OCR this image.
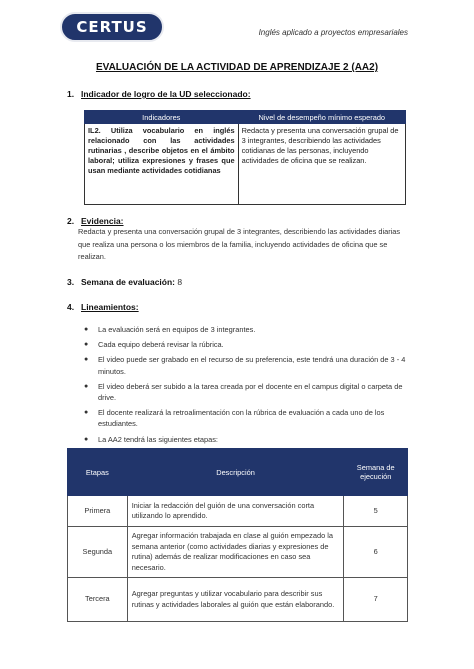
CERTUS	Inglés aplicado a proyectos empresariales
EVALUACIÓN DE LA ACTIVIDAD DE APRENDIZAJE 2 (AA2)
1. Indicador de logro de la UD seleccionado:
Indicadores	Nivel de desempeño mínimo esperado
IL2. Utiliza vocabulario en inglés relacionado con las actividades rutinarias , describe objetos en el ámbito laboral; utiliza expresiones y frases que usan mediante actividades cotidianas	Redacta y presenta una conversación grupal de 3 integrantes, describiendo las actividades cotidianas de las personas, incluyendo actividades de oficina que se realizan.
2. Evidencia:
Redacta y presenta una conversación grupal de 3 integrantes, describiendo las actividades diarias que realiza una persona o los miembros de la familia, incluyendo actividades de oficina que se realizan.
3. Semana de evaluación: 8
4. Lineamientos:
● La evaluación será en equipos de 3 integrantes.
● Cada equipo deberá revisar la rúbrica.
● El video puede ser grabado en el recurso de su preferencia, este tendrá una duración de 3 - 4 minutos.
● El video deberá ser subido a la tarea creada por el docente en el campus digital o carpeta de drive.
● El docente realizará la retroalimentación con la rúbrica de evaluación a cada uno de los estudiantes.
● La AA2 tendrá las siguientes etapas:
Etapas	Descripción	Semana de ejecución
Primera	Iniciar la redacción del guión de una conversación corta utilizando lo aprendido.	5
Segunda	Agregar información trabajada en clase al guión empezado la semana anterior (como actividades diarias y expresiones de rutina) además de realizar modificaciones en caso sea necesario.	6
Tercera	Agregar preguntas y utilizar vocabulario para describir sus rutinas y actividades laborales al guión que están elaborando.	7
